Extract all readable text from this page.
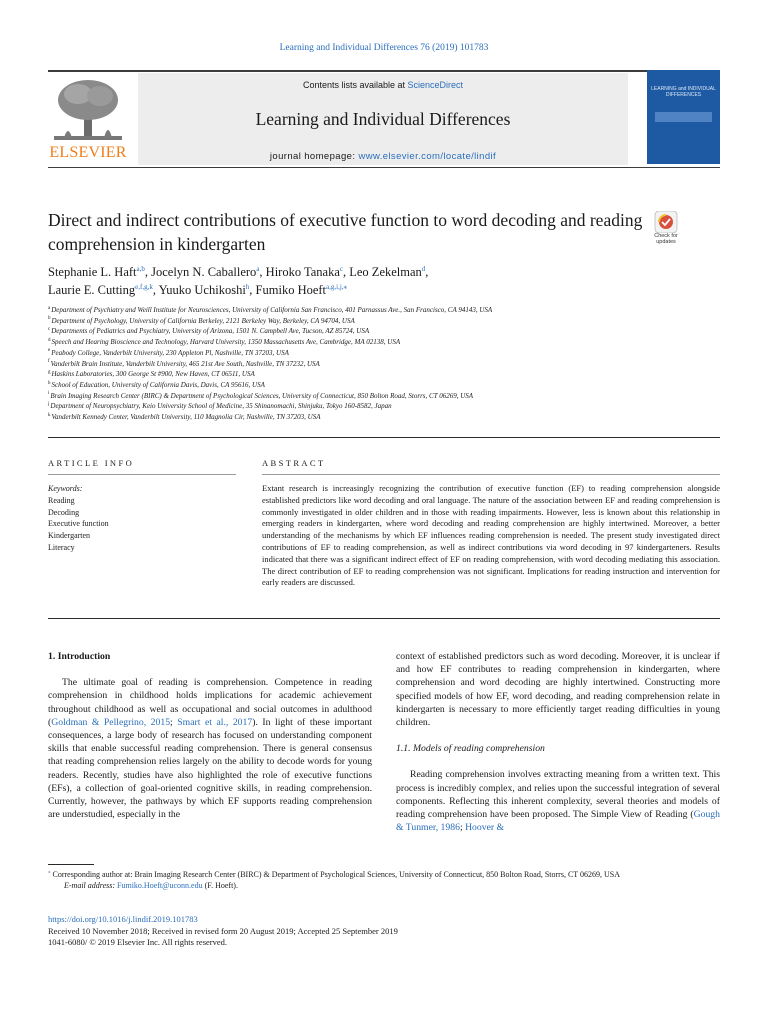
Learning and Individual Differences 76 (2019) 101783
ELSEVIER
Contents lists available at ScienceDirect
Learning and Individual Differences
journal homepage: www.elsevier.com/locate/lindif
LEARNING and INDIVIDUAL DIFFERENCES
Direct and indirect contributions of executive function to word decoding and reading comprehension in kindergarten	Check for updates
Stephanie L. Haft$^{a,b}$, Jocelyn N. Caballero$^a$, Hiroko Tanaka$^c$, Leo Zekelman$^d$,
Laurie E. Cutting$^{e,f,g,k}$, Yuuko Uchikoshi$^h$, Fumiko Hoeft$^{a,g,i,j,⁎}$
$^a$Department of Psychiatry and Weill Institute for Neurosciences, University of California San Francisco, 401 Parnassus Ave., San Francisco, CA 94143, USA
$^b$Department of Psychology, University of California Berkeley, 2121 Berkeley Way, Berkeley, CA 94704, USA
$^c$Departments of Pediatrics and Psychiatry, University of Arizona, 1501 N. Campbell Ave, Tucson, AZ 85724, USA
$^d$Speech and Hearing Bioscience and Technology, Harvard University, 1350 Massachusetts Ave, Cambridge, MA 02138, USA
$^e$Peabody College, Vanderbilt University, 230 Appleton Pl, Nashville, TN 37203, USA
$^f$Vanderbilt Brain Institute, Vanderbilt University, 465 21st Ave South, Nashville, TN 37232, USA
$^g$Haskins Laboratories, 300 George St #900, New Haven, CT 06511, USA
$^h$School of Education, University of California Davis, Davis, CA 95616, USA
$^i$Brain Imaging Research Center (BIRC) & Department of Psychological Sciences, University of Connecticut, 850 Bolton Road, Storrs, CT 06269, USA
$^j$Department of Neuropsychiatry, Keio University School of Medicine, 35 Shinanomachi, Shinjuku, Tokyo 160-8582, Japan
$^k$Vanderbilt Kennedy Center, Vanderbilt University, 110 Magnolia Cir, Nashville, TN 37203, USA
ARTICLE INFO	ABSTRACT
Keywords:
Reading
Decoding
Executive function
Kindergarten
Literacy
Extant research is increasingly recognizing the contribution of executive function (EF) to reading comprehension alongside established predictors like word decoding and oral language. The nature of the association between EF and reading comprehension is commonly investigated in older children and in those with reading impairments. However, less is known about this relationship in emerging readers in kindergarten, where word decoding and reading comprehension are highly intertwined. Moreover, a better understanding of the mechanisms by which EF influences reading comprehension is needed. The present study investigated direct contributions of EF to reading comprehension, as well as indirect contributions via word decoding in 97 kindergarteners. Results indicated that there was a significant indirect effect of EF on reading comprehension, with word decoding mediating this association. The direct contribution of EF to reading comprehension was not significant. Implications for reading instruction and intervention for early readers are discussed.
1. Introduction

The ultimate goal of reading is comprehension. Competence in reading comprehension in childhood holds implications for academic achievement throughout childhood as well as occupational and social outcomes in adulthood (Goldman & Pellegrino, 2015; Smart et al., 2017). In light of these important consequences, a large body of research has focused on understanding component skills that enable successful reading comprehension. There is general consensus that reading comprehension relies largely on the ability to decode words for young readers. Recently, studies have also highlighted the role of executive functions (EFs), a collection of goal-oriented cognitive skills, in reading comprehension. Currently, however, the pathways by which EF supports reading comprehension are understudied, especially in the

context of established predictors such as word decoding. Moreover, it is unclear if and how EF contributes to reading comprehension in kindergarten, where comprehension and word decoding are highly intertwined. Constructing more specified models of how EF, word decoding, and reading comprehension relate in kindergarten is necessary to more efficiently target reading difficulties in young children.

1.1. Models of reading comprehension

Reading comprehension involves extracting meaning from a written text. This process is incredibly complex, and relies upon the successful integration of several components. Reflecting this inherent complexity, several theories and models of reading comprehension have been proposed. The Simple View of Reading (Gough & Tunmer, 1986; Hoover &

⁎ Corresponding author at: Brain Imaging Research Center (BIRC) & Department of Psychological Sciences, University of Connecticut, 850 Bolton Road, Storrs, CT 06269, USA
E-mail address: Fumiko.Hoeft@uconn.edu (F. Hoeft).
https://doi.org/10.1016/j.lindif.2019.101783
Received 10 November 2018; Received in revised form 20 August 2019; Accepted 25 September 2019
1041-6080/ © 2019 Elsevier Inc. All rights reserved.
